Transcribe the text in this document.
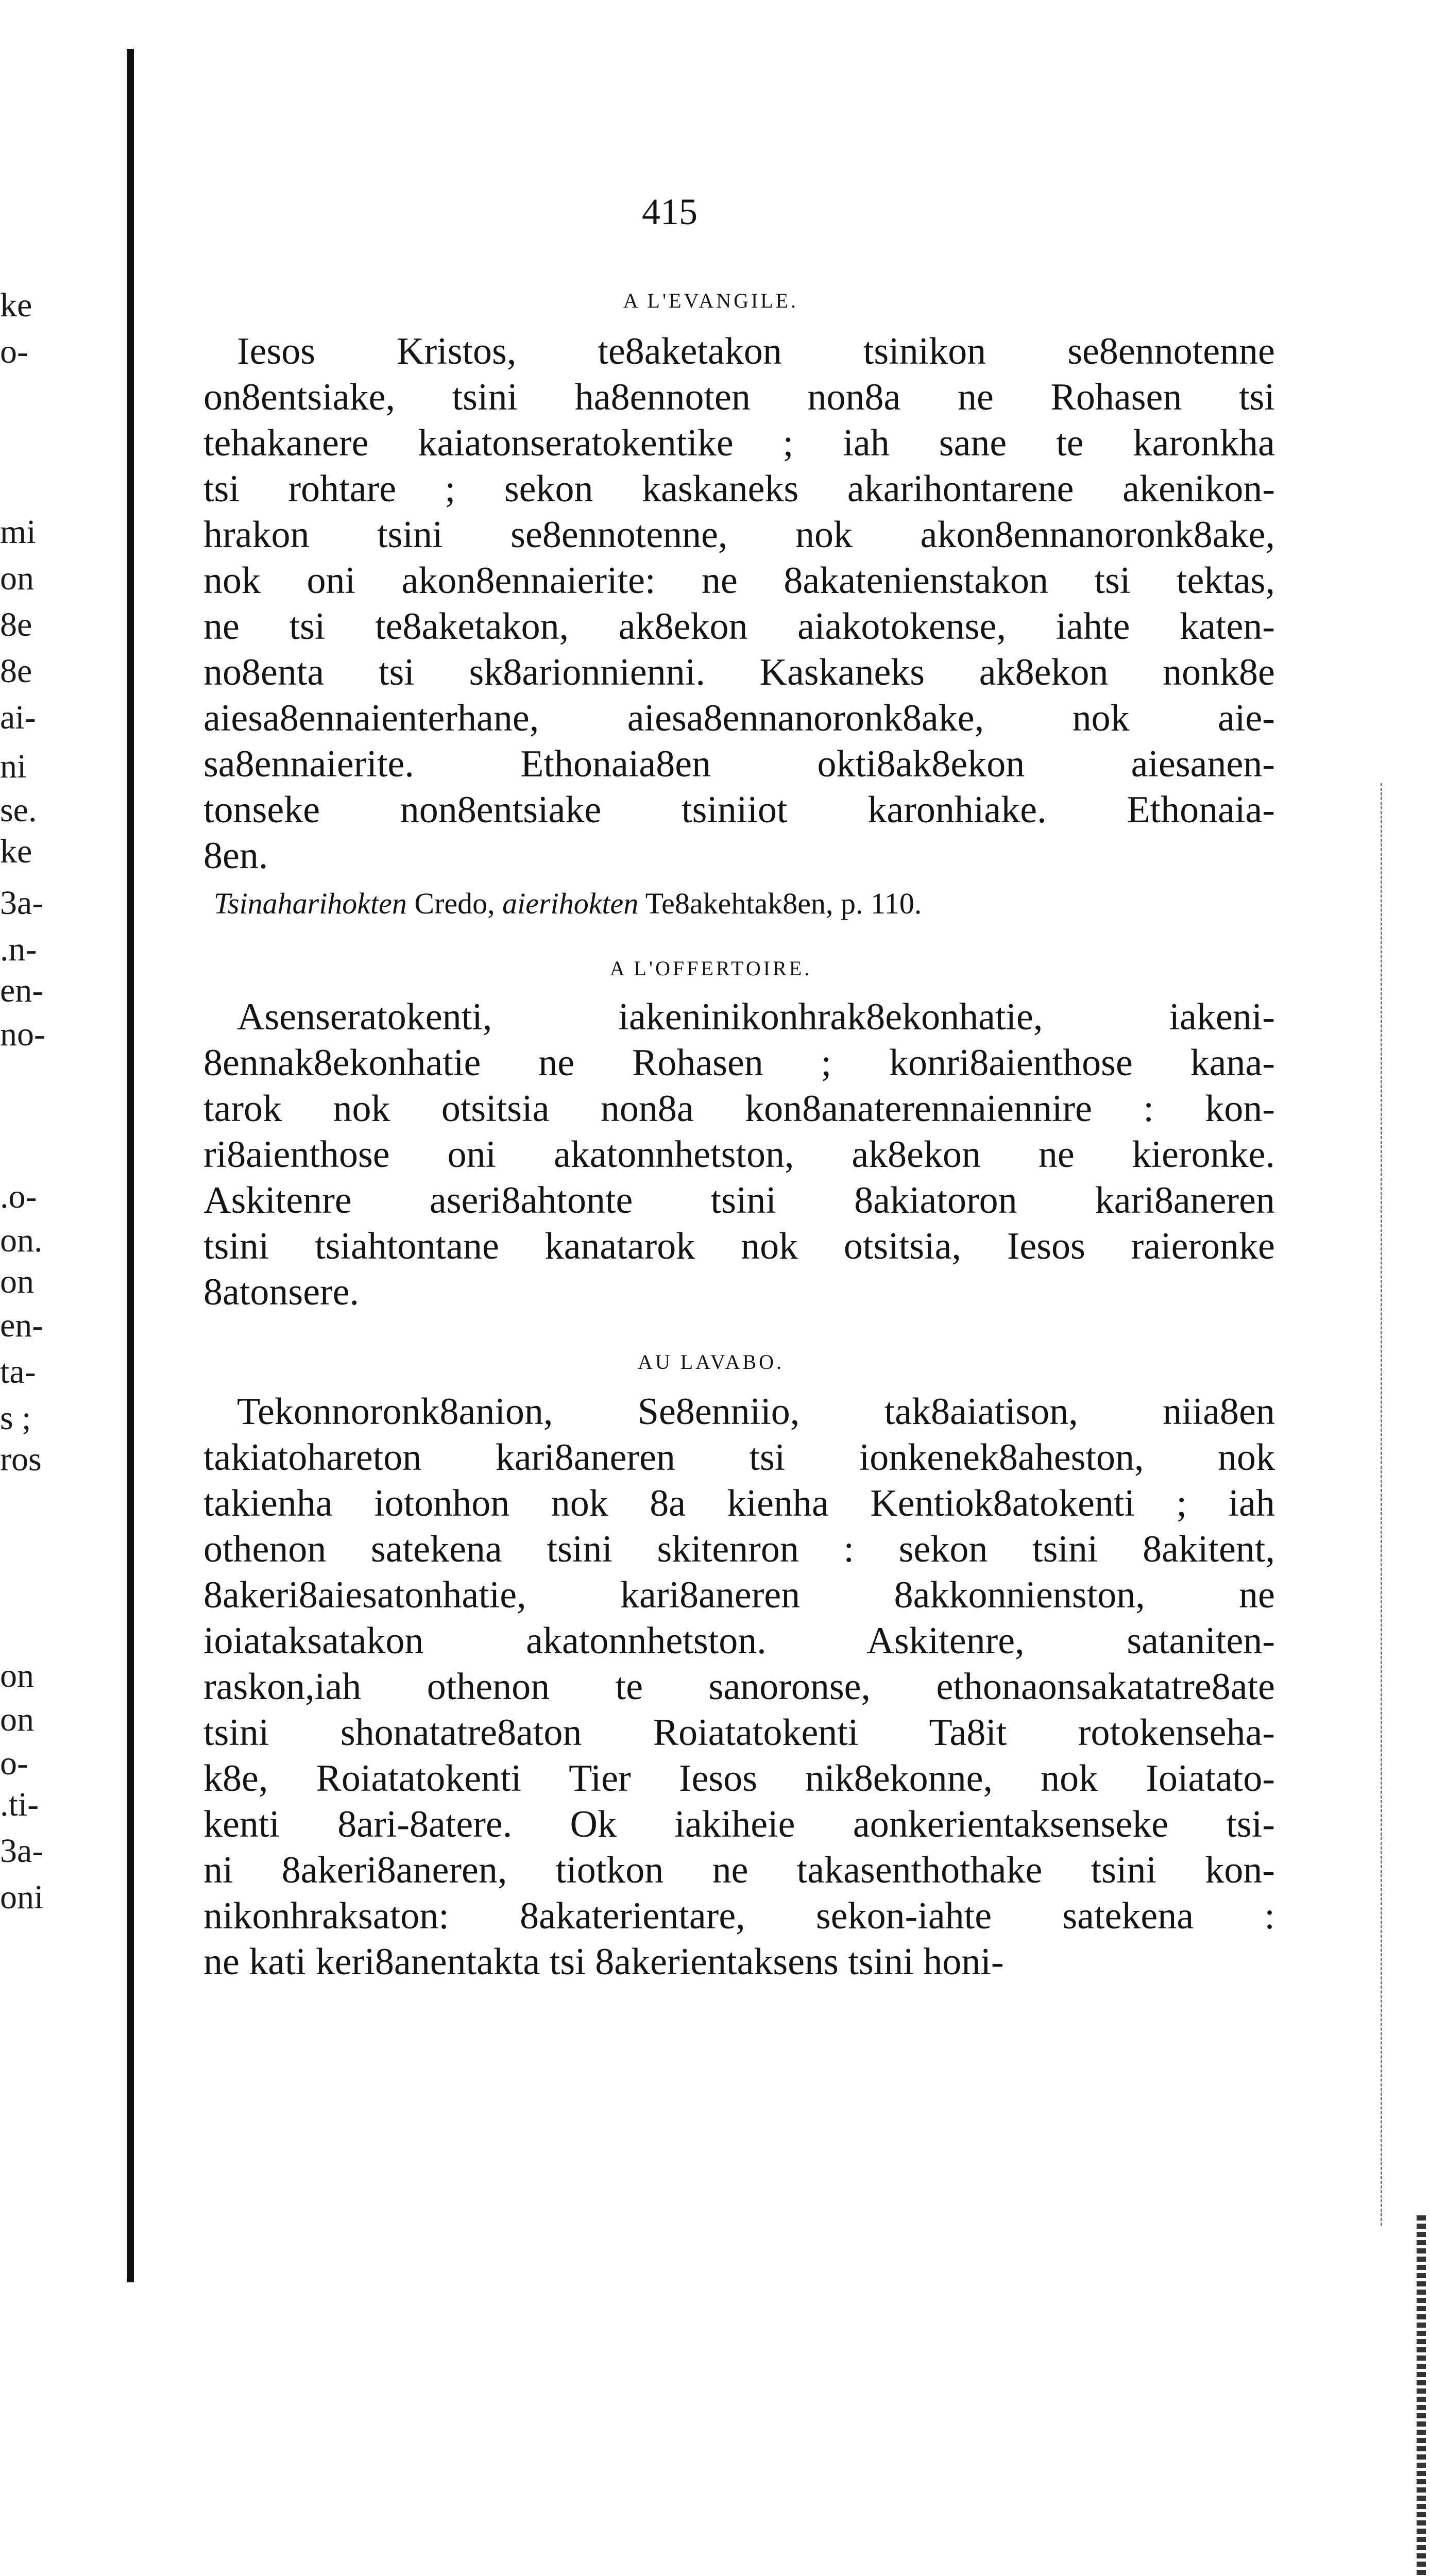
ke
o-
mi
on
8e
8e
ai-
ni
se.
ke
3a-
.n-
en-
no-
.o-
on.
on
en-
ta-
s ;
ros
on
on
o-
.ti-
3a-
oni
415
A L'EVANGILE.
Iesos Kristos, te8aketakon tsinikon se8ennotenne
on8entsiake, tsini ha8ennoten non8a ne Rohasen tsi
tehakanere kaiatonseratokentike ; iah sane te karonkha
tsi rohtare ; sekon kaskaneks akarihontarene akenikon-
hrakon tsini se8ennotenne, nok akon8ennanoronk8ake,
nok oni akon8ennaierite: ne 8akatenienstakon tsi tektas,
ne tsi te8aketakon, ak8ekon aiakotokense, iahte katen-
no8enta tsi sk8arionnienni. Kaskaneks ak8ekon nonk8e
aiesa8ennaienterhane, aiesa8ennanoronk8ake, nok aie-
sa8ennaierite. Ethonaia8en okti8ak8ekon aiesanen-
tonseke non8entsiake tsiniiot karonhiake. Ethonaia-
8en.
Tsinaharihokten Credo, aierihokten Te8akehtak8en, p. 110.
A L'OFFERTOIRE.
Asenseratokenti, iakeninikonhrak8ekonhatie, iakeni-
8ennak8ekonhatie ne Rohasen ; konri8aienthose kana-
tarok nok otsitsia non8a kon8anaterennaiennire : kon-
ri8aienthose oni akatonnhetston, ak8ekon ne kieronke.
Askitenre aseri8ahtonte tsini 8akiatoron kari8aneren
tsini tsiahtontane kanatarok nok otsitsia, Iesos raieronke
8atonsere.
AU LAVABO.
Tekonnoronk8anion, Se8enniio, tak8aiatison, niia8en
takiatohareton kari8aneren tsi ionkenek8aheston, nok
takienha iotonhon nok 8a kienha Kentiok8atokenti ; iah
othenon satekena tsini skitenron : sekon tsini 8akitent,
8akeri8aiesatonhatie, kari8aneren 8akkonnienston, ne
ioiataksatakon akatonnhetston. Askitenre, sataniten-
raskon,iah othenon te sanoronse, ethonaonsakatatre8ate
tsini shonatatre8aton Roiatatokenti Ta8it rotokenseha-
k8e, Roiatatokenti Tier Iesos nik8ekonne, nok Ioiatato-
kenti 8ari-8atere. Ok iakiheie aonkerientaksenseke tsi-
ni 8akeri8aneren, tiotkon ne takasenthothake tsini kon-
nikonhraksaton: 8akaterientare, sekon-iahte satekena :
ne kati keri8anentakta tsi 8akerientaksens tsini honi-
